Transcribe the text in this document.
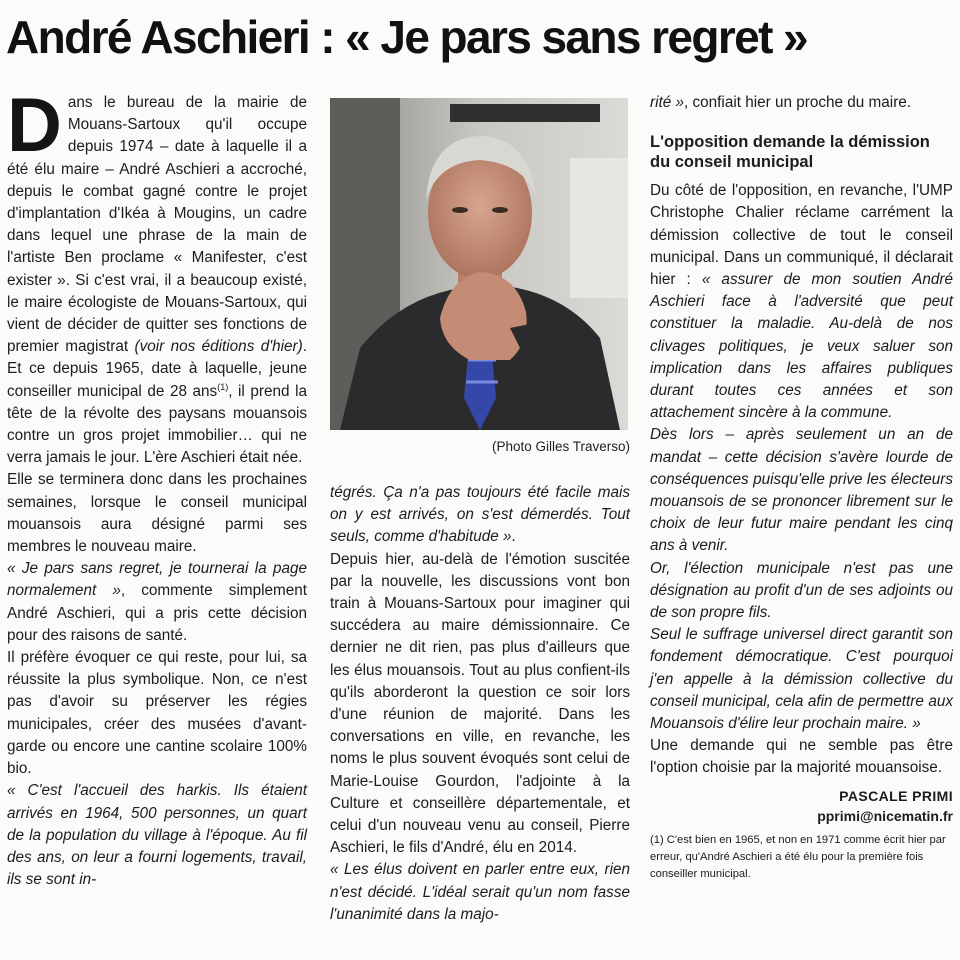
André Aschieri : « Je pars sans regret »

Dans le bureau de la mairie de Mouans-Sartoux qu'il occupe depuis 1974 – date à laquelle il a été élu maire – André Aschieri a accroché, depuis le combat gagné contre le projet d'implantation d'Ikéa à Mougins, un cadre dans lequel une phrase de la main de l'artiste Ben proclame « Manifester, c'est exister ». Si c'est vrai, il a beaucoup existé, le maire écologiste de Mouans-Sartoux, qui vient de décider de quitter ses fonctions de premier magistrat (voir nos éditions d'hier). Et ce depuis 1965, date à laquelle, jeune conseiller municipal de 28 ans$^{(1)}$, il prend la tête de la révolte des paysans mouansois contre un gros projet immobilier… qui ne verra jamais le jour. L'ère Aschieri était née.

Elle se terminera donc dans les prochaines semaines, lorsque le conseil municipal mouansois aura désigné parmi ses membres le nouveau maire.

« Je pars sans regret, je tournerai la page normalement », commente simplement André Aschieri, qui a pris cette décision pour des raisons de santé.

Il préfère évoquer ce qui reste, pour lui, sa réussite la plus symbolique. Non, ce n'est pas d'avoir su préserver les régies municipales, créer des musées d'avant-garde ou encore une cantine scolaire 100% bio.

« C'est l'accueil des harkis. Ils étaient arrivés en 1964, 500 personnes, un quart de la population du village à l'époque. Au fil des ans, on leur a fourni logements, travail, ils se sont in-

(Photo Gilles Traverso)

tégrés. Ça n'a pas toujours été facile mais on y est arrivés, on s'est démerdés. Tout seuls, comme d'habitude ».

Depuis hier, au-delà de l'émotion suscitée par la nouvelle, les discussions vont bon train à Mouans-Sartoux pour imaginer qui succédera au maire démissionnaire. Ce dernier ne dit rien, pas plus d'ailleurs que les élus mouansois. Tout au plus confient-ils qu'ils aborderont la question ce soir lors d'une réunion de majorité. Dans les conversations en ville, en revanche, les noms le plus souvent évoqués sont celui de Marie-Louise Gourdon, l'adjointe à la Culture et conseillère départementale, et celui d'un nouveau venu au conseil, Pierre Aschieri, le fils d'André, élu en 2014.

« Les élus doivent en parler entre eux, rien n'est décidé. L'idéal serait qu'un nom fasse l'unanimité dans la majo-

rité », confiait hier un proche du maire.

L'opposition demande la démission du conseil municipal

Du côté de l'opposition, en revanche, l'UMP Christophe Chalier réclame carrément la démission collective de tout le conseil municipal. Dans un communiqué, il déclarait hier : « assurer de mon soutien André Aschieri face à l'adversité que peut constituer la maladie. Au-delà de nos clivages politiques, je veux saluer son implication dans les affaires publiques durant toutes ces années et son attachement sincère à la commune.

Dès lors – après seulement un an de mandat – cette décision s'avère lourde de conséquences puisqu'elle prive les électeurs mouansois de se prononcer librement sur le choix de leur futur maire pendant les cinq ans à venir.

Or, l'élection municipale n'est pas une désignation au profit d'un de ses adjoints ou de son propre fils.

Seul le suffrage universel direct garantit son fondement démocratique. C'est pourquoi j'en appelle à la démission collective du conseil municipal, cela afin de permettre aux Mouansois d'élire leur prochain maire. »

Une demande qui ne semble pas être l'option choisie par la majorité mouansoise.

PASCALE PRIMI

pprimi@nicematin.fr

(1) C'est bien en 1965, et non en 1971 comme écrit hier par erreur, qu'André Aschieri a été élu pour la première fois conseiller municipal.
